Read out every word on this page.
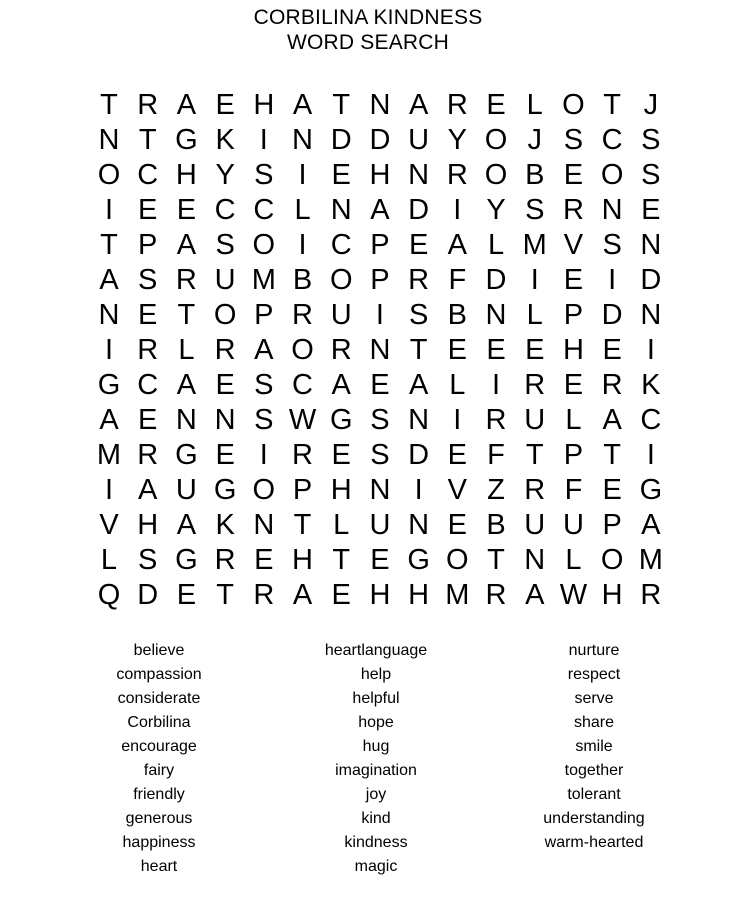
CORBILINA KINDNESS
WORD SEARCH
T R A E H A T N A R E L O T J
N T G K I N D D U Y O J S C S
O C H Y S I E H N R O B E O S
I E E C C L N A D I Y S R N E
T P A S O I C P E A L M V S N
A S R U M B O P R F D I E I D
N E T O P R U I S B N L P D N
I R L R A O R N T E E E H E I
G C A E S C A E A L I R E R K
A E N N S W G S N I R U L A C
M R G E I R E S D E F T P T I
I A U G O P H N I V Z R F E G
V H A K N T L U N E B U U P A
L S G R E H T E G O T N L O M
Q D E T R A E H H M R A W H R
believe
compassion
considerate
Corbilina
encourage
fairy
friendly
generous
happiness
heart
heartlanguage
help
helpful
hope
hug
imagination
joy
kind
kindness
magic
nurture
respect
serve
share
smile
together
tolerant
understanding
warm-hearted
